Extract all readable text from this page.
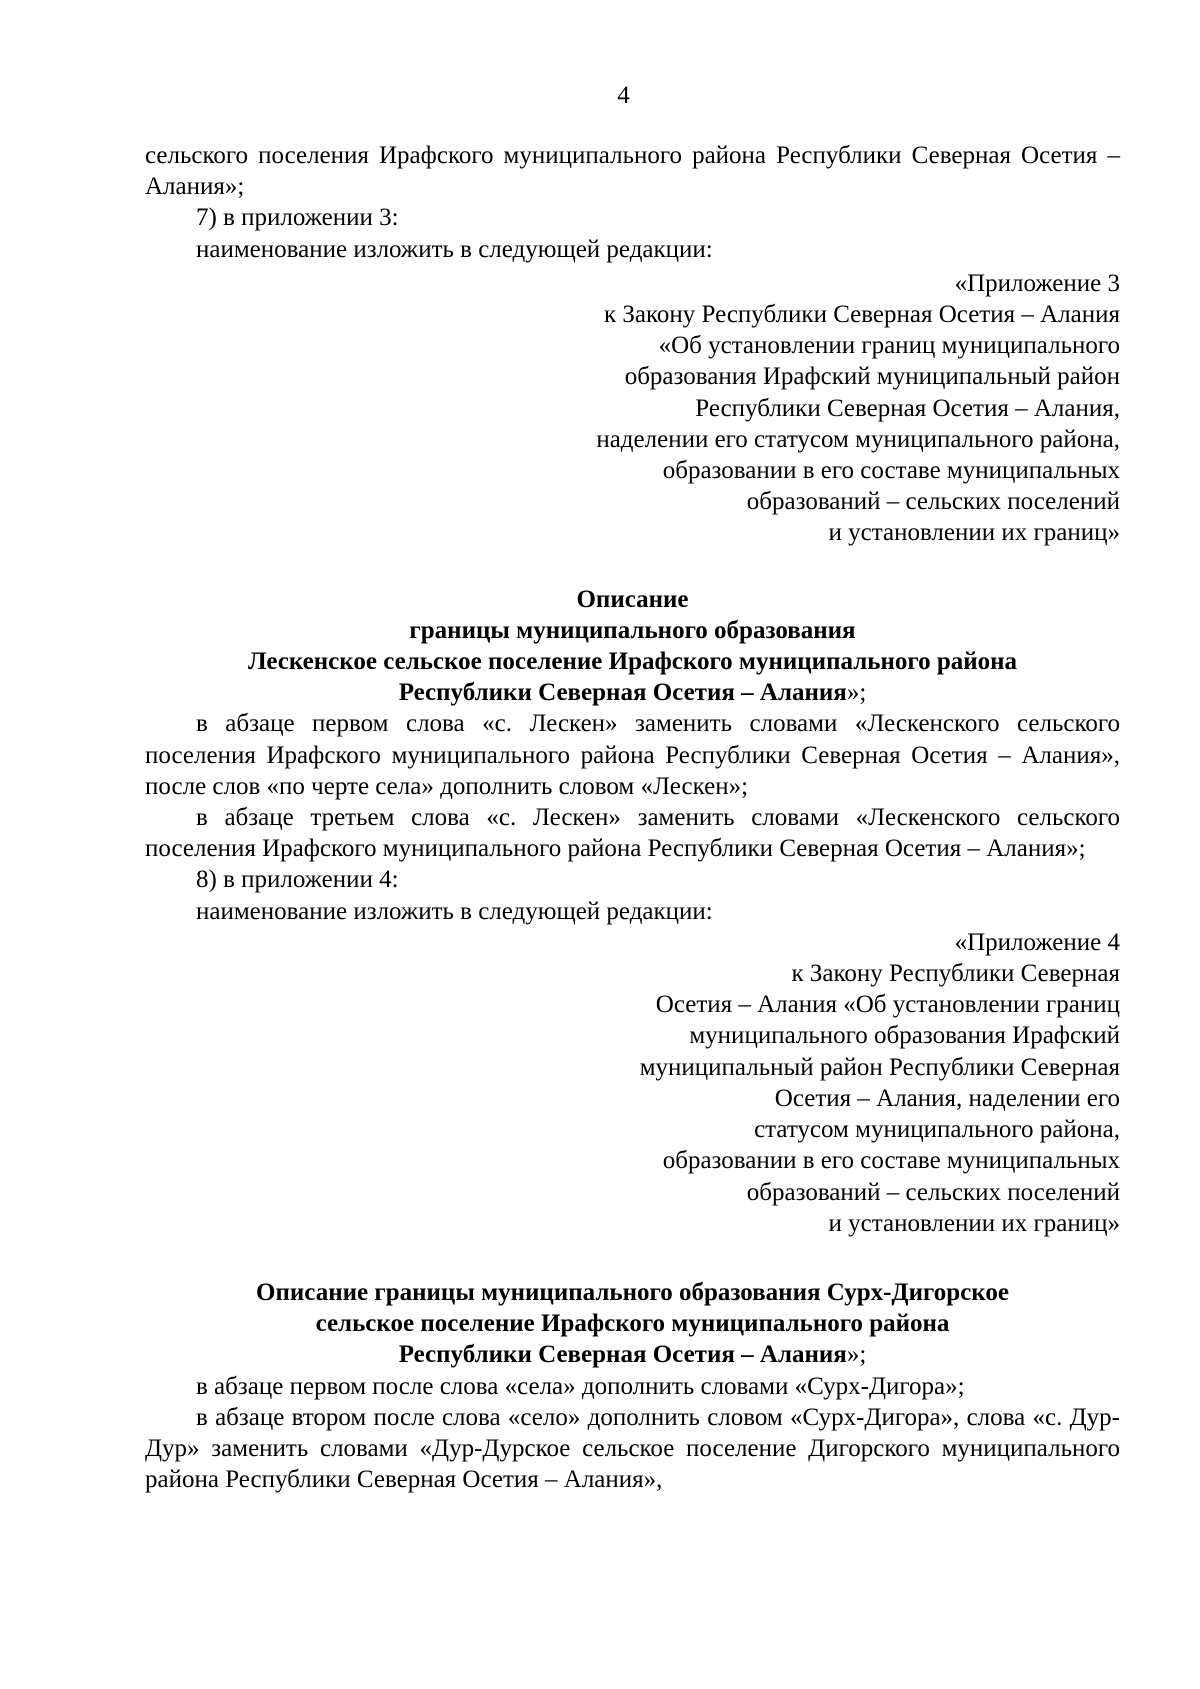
4

сельского поселения Ирафского муниципального района Республики Северная Осетия – Алания»;

7) в приложении 3:

наименование изложить в следующей редакции:

«Приложение 3

к Закону Республики Северная Осетия – Алания

«Об установлении границ муниципального

образования Ирафский муниципальный район

Республики Северная Осетия – Алания,

наделении его статусом муниципального района,

образовании в его составе муниципальных

образований – сельских поселений

и установлении их границ»

Описание

границы муниципального образования

Лескенское сельское поселение Ирафского муниципального района

Республики Северная Осетия – Алания»;

в абзаце первом слова «с. Лескен» заменить словами «Лескенского сельского поселения Ирафского муниципального района Республики Северная Осетия – Алания», после слов «по черте села» дополнить словом «Лескен»;

в абзаце третьем слова «с. Лескен» заменить словами «Лескенского сельского поселения Ирафского муниципального района Республики Северная Осетия – Алания»;

8) в приложении 4:

наименование изложить в следующей редакции:

«Приложение 4

к Закону Республики Северная

Осетия – Алания «Об установлении границ

муниципального образования Ирафский

муниципальный район Республики Северная

Осетия – Алания, наделении его

статусом муниципального района,

образовании в его составе муниципальных

образований – сельских поселений

и установлении их границ»

Описание границы муниципального образования Сурх-Дигорское

сельское поселение Ирафского муниципального района

Республики Северная Осетия – Алания»;

в абзаце первом после слова «села» дополнить словами «Сурх-Дигора»;

в абзаце втором после слова «село» дополнить словом «Сурх-Дигора», слова «с. Дур-Дур» заменить словами «Дур-Дурское сельское поселение Дигорского муниципального района Республики Северная Осетия – Алания»,
